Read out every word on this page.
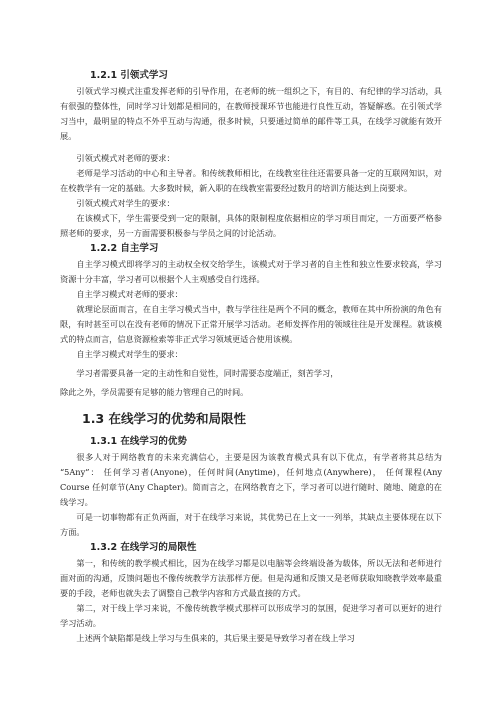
1.2.1 引领式学习

引领式学习模式注重发挥老师的引导作用，在老师的统一组织之下，有目的、有纪律的学习活动，具有很强的整体性，同时学习计划都是相同的，在教师授课环节也能进行良性互动，答疑解惑。在引领式学习当中，最明显的特点不外乎互动与沟通，很多时候，只要通过简单的邮件等工具，在线学习就能有效开展。

引领式模式对老师的要求：

老师是学习活动的中心和主导者。和传统教师相比，在线教室往往还需要具备一定的互联网知识，对在校教学有一定的基础。大多数时候，新入职的在线教室需要经过数月的培训方能达到上岗要求。

引领式模式对学生的要求：

在该模式下，学生需要受到一定的限制，具体的限制程度依据相应的学习项目而定，一方面要严格参照老师的要求，另一方面需要积极参与学员之间的讨论活动。

1.2.2 自主学习

自主学习模式即将学习的主动权全权交给学生，该模式对于学习者的自主性和独立性要求较高，学习资源十分丰富，学习者可以根据个人主观感受自行选择。

自主学习模式对老师的要求：

就理论层面而言，在自主学习模式当中，教与学往往是两个不同的概念，教师在其中所扮演的角色有限，有时甚至可以在没有老师的情况下正常开展学习活动。老师发挥作用的领域往往是开发课程。就该模式的特点而言，信息资源检索等非正式学习领域更适合使用该模。

自主学习模式对学生的要求：

学习者需要具备一定的主动性和自觉性，同时需要态度端正，刻苦学习，

除此之外，学员需要有足够的能力管理自己的时间。

1.3 在线学习的优势和局限性
1.3.1 在线学习的优势

很多人对于网络教育的未来充满信心，主要是因为该教育模式具有以下优点，有学者将其总结为 “5Any”： 任何学习者(Anyone)，任何时间(Anytime)，任何地点(Anywhere)， 任何课程(Any Course 任何章节(Any Chapter)。简而言之，在网络教育之下，学习者可以进行随时、随地、随意的在线学习。

可是一切事物都有正负两面，对于在线学习来说，其优势已在上文一一列举，其缺点主要体现在以下方面。

1.3.2 在线学习的局限性

第一，和传统的教学模式相比，因为在线学习都是以电脑等会终端设备为载体，所以无法和老师进行面对面的沟通，反馈问题也不像传统教学方法那样方便。但是沟通和反馈又是老师获取知晓教学效率最重要的手段，老师也就失去了调整自己教学内容和方式最直接的方式。

第二，对于线上学习来说，不像传统教学模式那样可以形成学习的氛围，促进学习者可以更好的进行学习活动。

上述两个缺陷都是线上学习与生俱来的，其后果主要是导致学习者在线上学习
